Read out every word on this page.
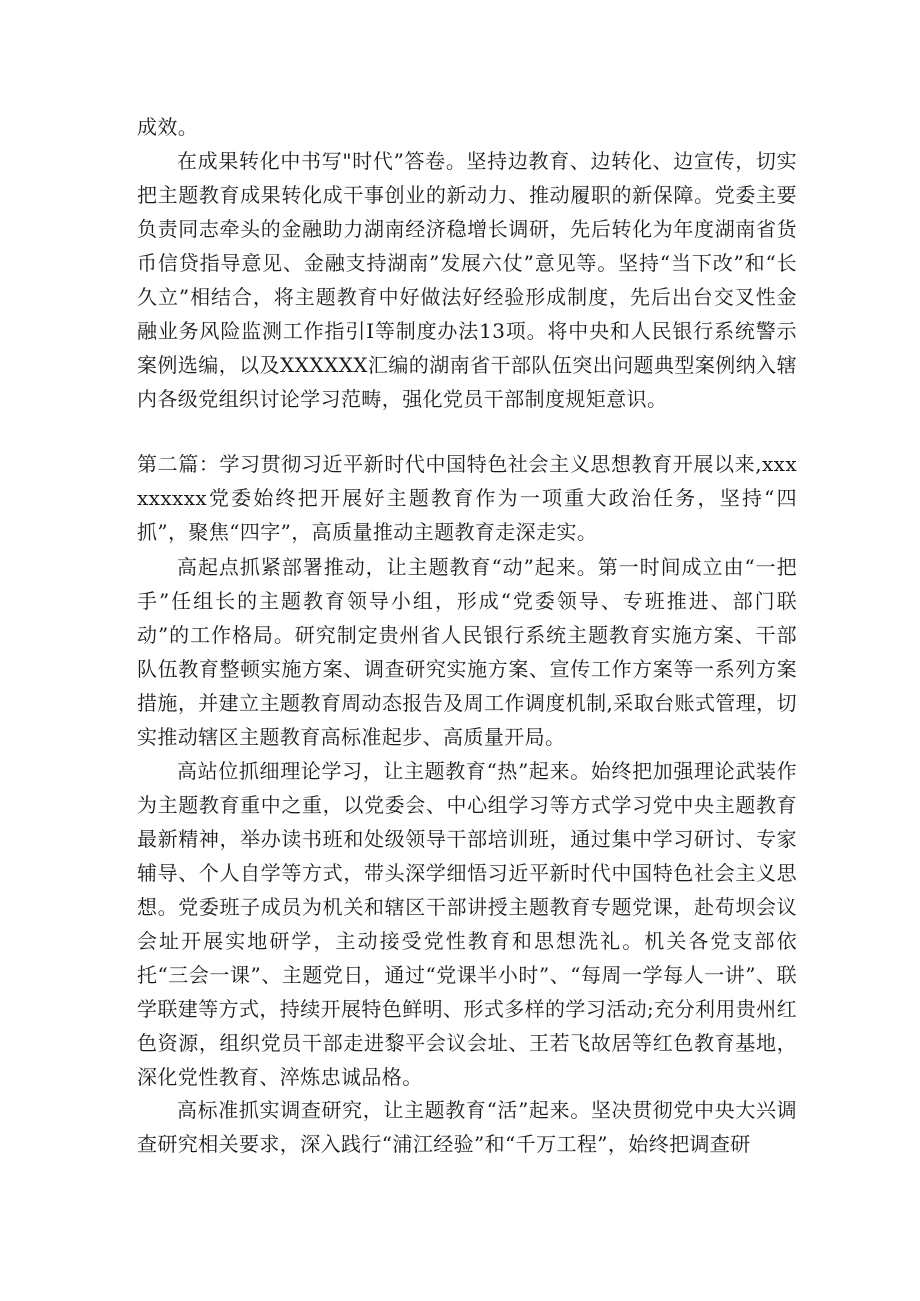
成效。

在成果转化中书写"时代”答卷。坚持边教育、边转化、边宣传，切实把主题教育成果转化成干事创业的新动力、推动履职的新保障。党委主要负责同志牵头的金融助力湖南经济稳增长调研，先后转化为年度湖南省货币信贷指导意见、金融支持湖南”发展六仗”意见等。坚持“当下改”和“长久立”相结合，将主题教育中好做法好经验形成制度，先后出台交叉性金融业务风险监测工作指引Ⅰ等制度办法13项。将中央和人民银行系统警示案例选编，以及XXXXXX汇编的湖南省干部队伍突出问题典型案例纳入辖内各级党组织讨论学习范畴，强化党员干部制度规矩意识。

第二篇：学习贯彻习近平新时代中国特色社会主义思想教育开展以来,xxxxxxxxx党委始终把开展好主题教育作为一项重大政治任务，坚持“四抓”，聚焦“四字”，高质量推动主题教育走深走实。

高起点抓紧部署推动，让主题教育“动”起来。第一时间成立由“一把手”任组长的主题教育领导小组，形成“党委领导、专班推进、部门联动”的工作格局。研究制定贵州省人民银行系统主题教育实施方案、干部队伍教育整顿实施方案、调查研究实施方案、宣传工作方案等一系列方案措施，并建立主题教育周动态报告及周工作调度机制,采取台账式管理，切实推动辖区主题教育高标准起步、高质量开局。

高站位抓细理论学习，让主题教育“热”起来。始终把加强理论武装作为主题教育重中之重，以党委会、中心组学习等方式学习党中央主题教育最新精神，举办读书班和处级领导干部培训班，通过集中学习研讨、专家辅导、个人自学等方式，带头深学细悟习近平新时代中国特色社会主义思想。党委班子成员为机关和辖区干部讲授主题教育专题党课，赴苟坝会议会址开展实地研学，主动接受党性教育和思想洗礼。机关各党支部依托“三会一课”、主题党日，通过“党课半小时”、“每周一学每人一讲”、联学联建等方式，持续开展特色鲜明、形式多样的学习活动;充分利用贵州红色资源，组织党员干部走进黎平会议会址、王若飞故居等红色教育基地，深化党性教育、淬炼忠诚品格。

高标准抓实调查研究，让主题教育“活”起来。坚决贯彻党中央大兴调查研究相关要求，深入践行“浦江经验”和“千万工程”，始终把调查研
